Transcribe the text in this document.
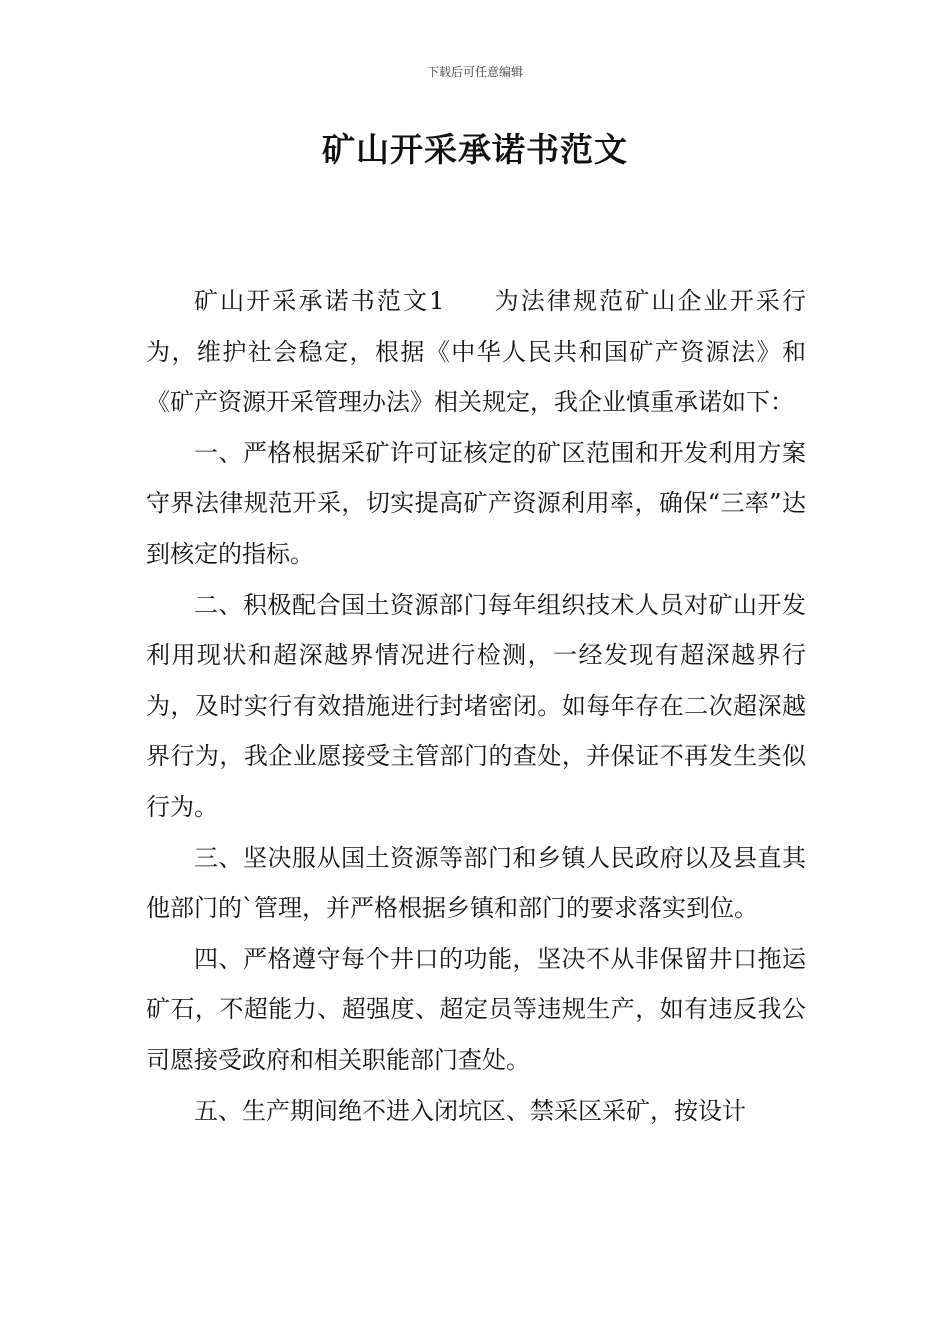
下载后可任意编辑
矿山开采承诺书范文

矿山开采承诺书范文1 为法律规范矿山企业开采行为，维护社会稳定，根据《中华人民共和国矿产资源法》和《矿产资源开采管理办法》相关规定，我企业慎重承诺如下：

一、严格根据采矿许可证核定的矿区范围和开发利用方案守界法律规范开采，切实提高矿产资源利用率，确保“三率”达到核定的指标。

二、积极配合国土资源部门每年组织技术人员对矿山开发利用现状和超深越界情况进行检测，一经发现有超深越界行为，及时实行有效措施进行封堵密闭。如每年存在二次超深越界行为，我企业愿接受主管部门的查处，并保证不再发生类似行为。

三、坚决服从国土资源等部门和乡镇人民政府以及县直其他部门的`管理，并严格根据乡镇和部门的要求落实到位。

四、严格遵守每个井口的功能，坚决不从非保留井口拖运矿石，不超能力、超强度、超定员等违规生产，如有违反我公司愿接受政府和相关职能部门查处。

五、生产期间绝不进入闭坑区、禁采区采矿，按设计
